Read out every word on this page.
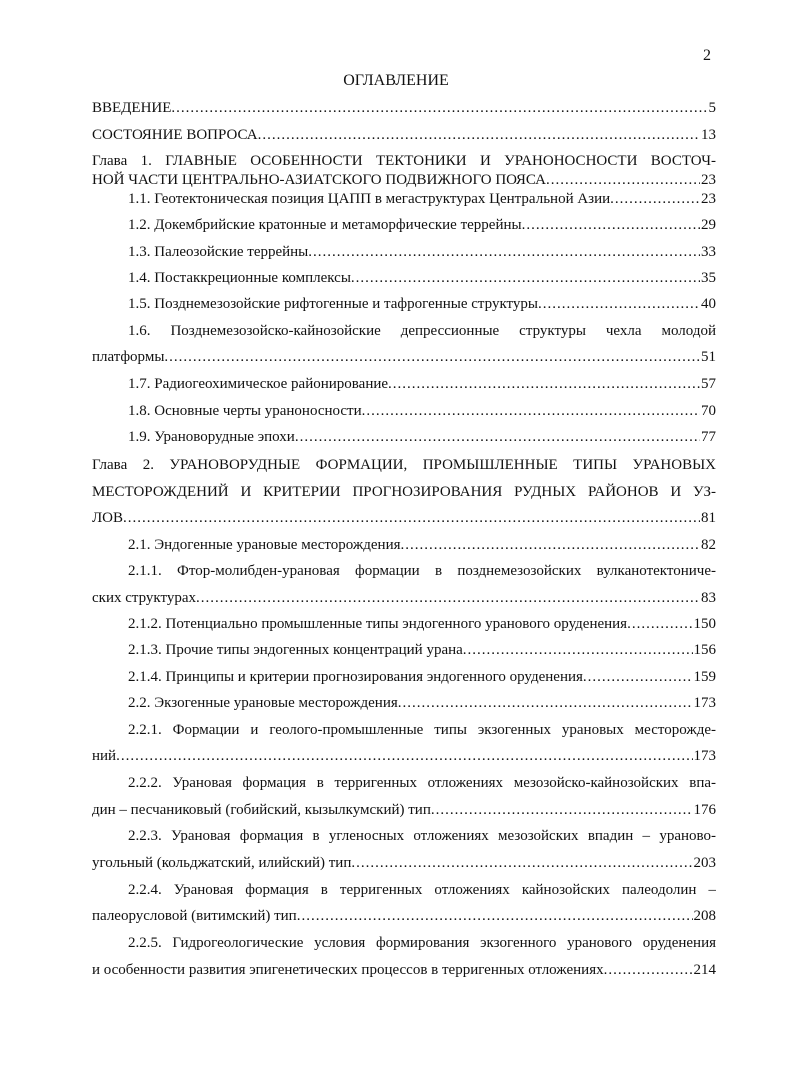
2
ОГЛАВЛЕНИЕ
ВВЕДЕНИЕ .....	5
СОСТОЯНИЕ ВОПРОСА .....	13
Глава 1. ГЛАВНЫЕ ОСОБЕННОСТИ ТЕКТОНИКИ И УРАНОНОСНОСТИ ВОСТОЧ-
НОЙ ЧАСТИ ЦЕНТРАЛЬНО-АЗИАТСКОГО ПОДВИЖНОГО ПОЯСА .....	23
1.1. Геотектоническая позиция ЦАПП в мегаструктурах Центральной Азии .....	23
1.2. Докембрийские кратонные и метаморфические террейны .....	29
1.3. Палеозойские террейны .....	33
1.4. Постаккреционные комплексы .....	35
1.5. Позднемезозойские рифтогенные и тафрогенные структуры .....	40
1.6. Позднемезозойско-кайнозойские депрессионные структуры чехла молодой
платформы .....	51
1.7. Радиогеохимическое районирование .....	57
1.8. Основные черты ураноносности .....	70
1.9. Урановорудные эпохи .....	77
Глава 2. УРАНОВОРУДНЫЕ ФОРМАЦИИ, ПРОМЫШЛЕННЫЕ ТИПЫ УРАНОВЫХ
МЕСТОРОЖДЕНИЙ И КРИТЕРИИ ПРОГНОЗИРОВАНИЯ РУДНЫХ РАЙОНОВ И УЗ-
ЛОВ .....	81
2.1. Эндогенные урановые месторождения .....	82
2.1.1. Фтор-молибден-урановая формации в позднемезозойских вулканотектониче-
ских структурах .....	83
2.1.2. Потенциально промышленные типы эндогенного уранового оруденения .....	150
2.1.3. Прочие типы эндогенных концентраций урана .....	156
2.1.4. Принципы и критерии прогнозирования эндогенного оруденения .....	159
2.2. Экзогенные урановые месторождения .....	173
2.2.1. Формации и геолого-промышленные типы экзогенных урановых месторожде-
ний .....	173
2.2.2. Урановая формация в терригенных отложениях мезозойско-кайнозойских впа-
дин – песчаниковый (гобийский, кызылкумский) тип .....	176
2.2.3. Урановая формация в угленосных отложениях мезозойских впадин – ураново-
угольный (кольджатский, илийский) тип .....	203
2.2.4. Урановая формация в терригенных отложениях кайнозойских палеодолин –
палеорусловой (витимский) тип .....	208
2.2.5. Гидрогеологические условия формирования экзогенного уранового оруденения
и особенности развития эпигенетических процессов в терригенных отложениях .....	214
